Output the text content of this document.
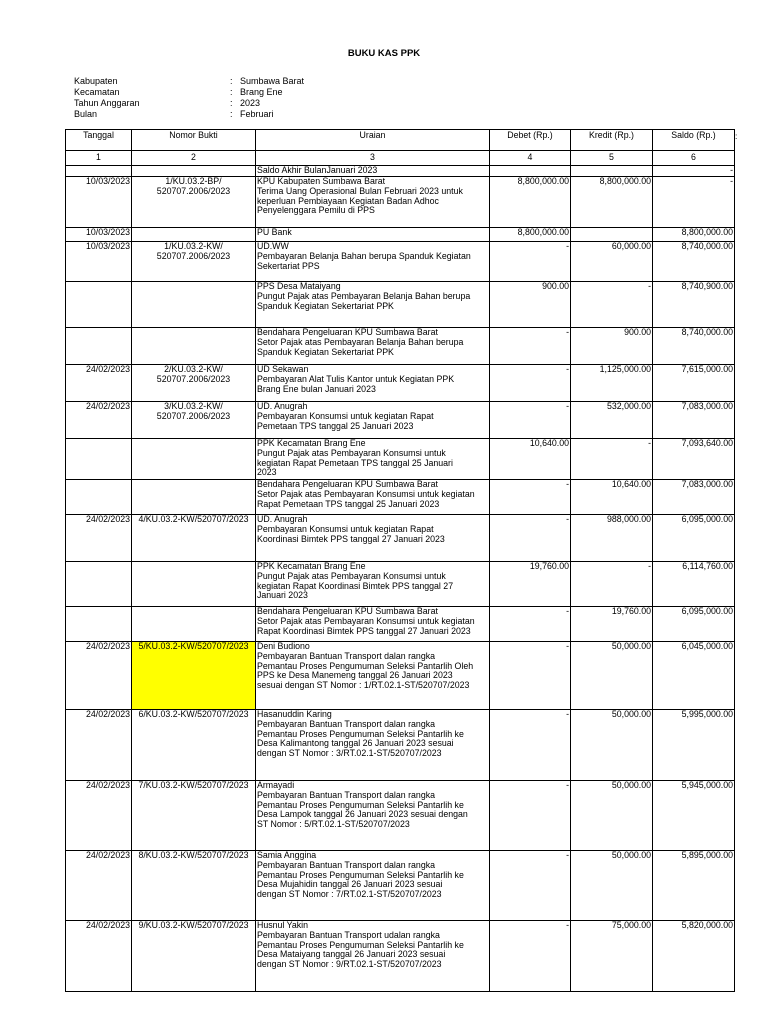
BUKU KAS PPK
Kabupaten	: Sumbawa Barat
Kecamatan	: Brang Ene
Tahun Anggaran	: 2023
Bulan	: Februari
:
Tanggal	Nomor Bukti	Uraian	Debet (Rp.)	Kredit (Rp.)	Saldo (Rp.)
1	2	3	4	5	6

		Saldo Akhir BulanJanuari 2023			-
10/03/2023	1/KU.03.2-BP/
520707.2006/2023	KPU Kabupaten Sumbawa Barat
Terima Uang Operasional Bulan Februari 2023 untuk
keperluan Pembiayaan Kegiatan Badan Adhoc
Penyelenggara Pemilu di PPS	8,800,000.00	8,800,000.00	-
10/03/2023		PU Bank	8,800,000.00		8,800,000.00
10/03/2023	1/KU.03.2-KW/
520707.2006/2023	UD.WW
Pembayaran Belanja Bahan berupa Spanduk Kegiatan
Sekertariat PPS	-	60,000.00	8,740,000.00

		PPS Desa Mataiyang
Pungut Pajak atas Pembayaran Belanja Bahan berupa
Spanduk Kegiatan Sekertariat PPK	900.00	-	8,740,900.00

		Bendahara Pengeluaran KPU Sumbawa Barat
Setor Pajak atas Pembayaran Belanja Bahan berupa
Spanduk Kegiatan Sekertariat PPK	-	900.00	8,740,000.00
24/02/2023	2/KU.03.2-KW/
520707.2006/2023	UD Sekawan
Pembayaran Alat Tulis Kantor untuk Kegiatan PPK
Brang Ene bulan Januari 2023	-	1,125,000.00	7,615,000.00
24/02/2023	3/KU.03.2-KW/
520707.2006/2023	UD. Anugrah
Pembayaran Konsumsi untuk kegiatan Rapat
Pemetaan TPS tanggal 25 Januari 2023	-	532,000.00	7,083,000.00

		PPK Kecamatan Brang Ene
Pungut Pajak atas Pembayaran Konsumsi untuk
kegiatan Rapat Pemetaan TPS tanggal 25 Januari
2023	10,640.00	-	7,093,640.00

		Bendahara Pengeluaran KPU Sumbawa Barat
Setor Pajak atas Pembayaran Konsumsi untuk kegiatan
Rapat Pemetaan TPS tanggal 25 Januari 2023	-	10,640.00	7,083,000.00
24/02/2023	4/KU.03.2-KW/520707/2023	UD. Anugrah
Pembayaran Konsumsi untuk kegiatan Rapat
Koordinasi Bimtek PPS tanggal 27 Januari 2023	-	988,000.00	6,095,000.00

		PPK Kecamatan Brang Ene
Pungut Pajak atas Pembayaran Konsumsi untuk
kegiatan Rapat Koordinasi Bimtek PPS tanggal 27
Januari 2023	19,760.00	-	6,114,760.00

		Bendahara Pengeluaran KPU Sumbawa Barat
Setor Pajak atas Pembayaran Konsumsi untuk kegiatan
Rapat Koordinasi Bimtek PPS tanggal 27 Januari 2023	-	19,760.00	6,095,000.00
24/02/2023	5/KU.03.2-KW/520707/2023	Deni Budiono
Pembayaran Bantuan Transport dalan rangka
Pemantau Proses Pengumuman Seleksi Pantarlih Oleh
PPS ke Desa Manemeng tanggal 26 Januari 2023
sesuai dengan ST Nomor : 1/RT.02.1-ST/520707/2023	-	50,000.00	6,045,000.00
24/02/2023	6/KU.03.2-KW/520707/2023	Hasanuddin Karing
Pembayaran Bantuan Transport dalan rangka
Pemantau Proses Pengumuman Seleksi Pantarlih ke
Desa Kalimantong tanggal 26 Januari 2023 sesuai
dengan ST Nomor : 3/RT.02.1-ST/520707/2023	-	50,000.00	5,995,000.00
24/02/2023	7/KU.03.2-KW/520707/2023	Armayadi
Pembayaran Bantuan Transport dalan rangka
Pemantau Proses Pengumuman Seleksi Pantarlih ke
Desa Lampok tanggal 26 Januari 2023 sesuai dengan
ST Nomor : 5/RT.02.1-ST/520707/2023	-	50,000.00	5,945,000.00
24/02/2023	8/KU.03.2-KW/520707/2023	Samia Anggina
Pembayaran Bantuan Transport dalan rangka
Pemantau Proses Pengumuman Seleksi Pantarlih ke
Desa Mujahidin tanggal 26 Januari 2023 sesuai
dengan ST Nomor : 7/RT.02.1-ST/520707/2023	-	50,000.00	5,895,000.00
24/02/2023	9/KU.03.2-KW/520707/2023	Husnul Yakin
Pembayaran Bantuan Transport udalan rangka
Pemantau Proses Pengumuman Seleksi Pantarlih ke
Desa Mataiyang tanggal 26 Januari 2023 sesuai
dengan ST Nomor : 9/RT.02.1-ST/520707/2023	-	75,000.00	5,820,000.00
